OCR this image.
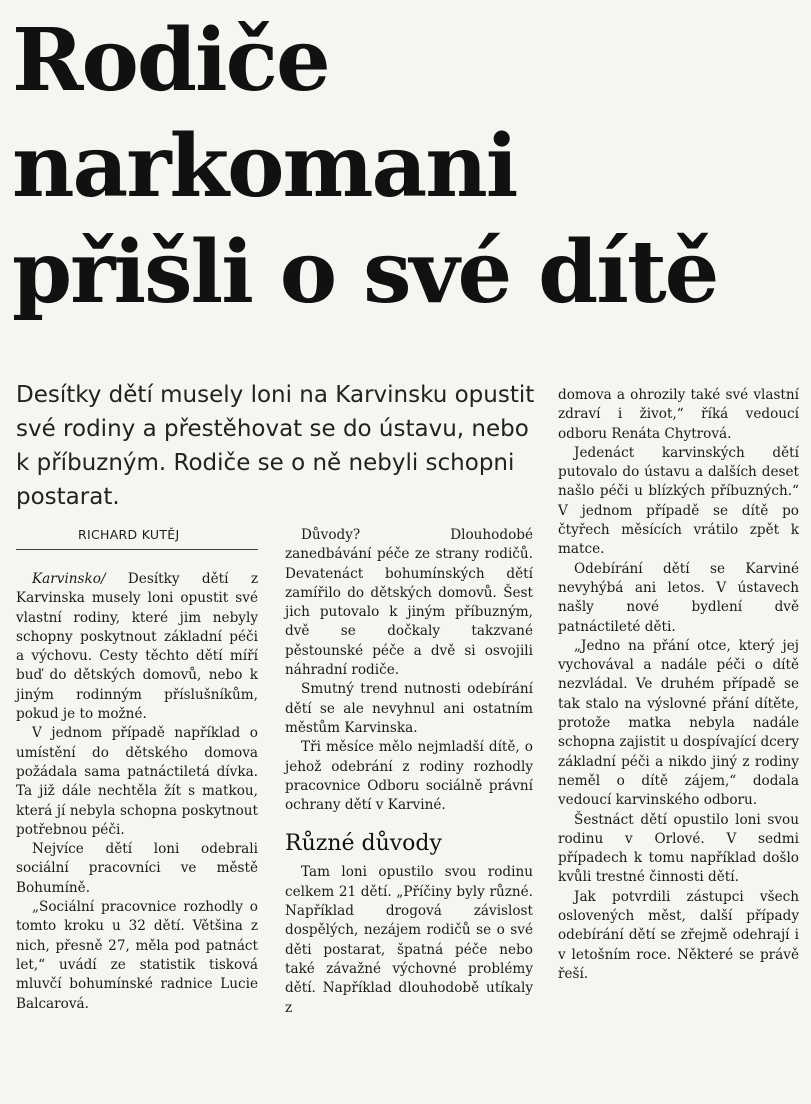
Rodiče
narkomani
přišli o své dítě

Desítky dětí musely loni na Karvinsku opustit své rodiny a přestěhovat se do ústavu, nebo k příbuzným. Rodiče se o ně nebyli schopni postarat.

RICHARD KUTĚJ

Karvinsko/ Desítky dětí z Karvinska musely loni opustit své vlastní rodiny, které jim nebyly schopny poskytnout základní péči a výchovu. Cesty těchto dětí míří buď do dětských domovů, nebo k jiným rodinným příslušníkům, pokud je to možné.

V jednom případě například o umístění do dětského domova požádala sama patnáctiletá dívka. Ta již dále nechtěla žít s matkou, která jí nebyla schopna poskytnout potřebnou péči.

Nejvíce dětí loni odebrali sociální pracovníci ve městě Bohumíně.

„Sociální pracovnice rozhodly o tomto kroku u 32 dětí. Většina z nich, přesně 27, měla pod patnáct let,“ uvádí ze statistik tisková mluvčí bohumínské radnice Lucie Balcarová.

Důvody? Dlouhodobé zanedbávání péče ze strany rodičů. Devatenáct bohumínských dětí zamířilo do dětských domovů. Šest jich putovalo k jiným příbuzným, dvě se dočkaly takzvané pěstounské péče a dvě si osvojili náhradní rodiče.

Smutný trend nutnosti odebírání dětí se ale nevyhnul ani ostatním městům Karvinska.

Tři měsíce mělo nejmladší dítě, o jehož odebrání z rodiny rozhodly pracovnice Odboru sociálně právní ochrany dětí v Karviné.

Různé důvody

Tam loni opustilo svou rodinu celkem 21 dětí. „Příčiny byly různé. Například drogová závislost dospělých, nezájem rodičů se o své děti postarat, špatná péče nebo také závažné výchovné problémy dětí. Například dlouhodobě utíkaly z

domova a ohrozily také své vlastní zdraví i život,“ říká vedoucí odboru Renáta Chytrová.

Jedenáct karvinských dětí putovalo do ústavu a dalších deset našlo péči u blízkých příbuzných.“ V jednom případě se dítě po čtyřech měsících vrátilo zpět k matce.

Odebírání dětí se Karviné nevyhýbá ani letos. V ústavech našly nové bydlení dvě patnáctileté děti.

„Jedno na přání otce, který jej vychovával a nadále péči o dítě nezvládal. Ve druhém případě se tak stalo na výslovné přání dítěte, protože matka nebyla nadále schopna zajistit u dospívající dcery základní péči a nikdo jiný z rodiny neměl o dítě zájem,“ dodala vedoucí karvinského odboru.

Šestnáct dětí opustilo loni svou rodinu v Orlové. V sedmi případech k tomu například došlo kvůli trestné činnosti dětí.

Jak potvrdili zástupci všech oslovených měst, další případy odebírání dětí se zřejmě odehrají i v letošním roce. Některé se právě řeší.
